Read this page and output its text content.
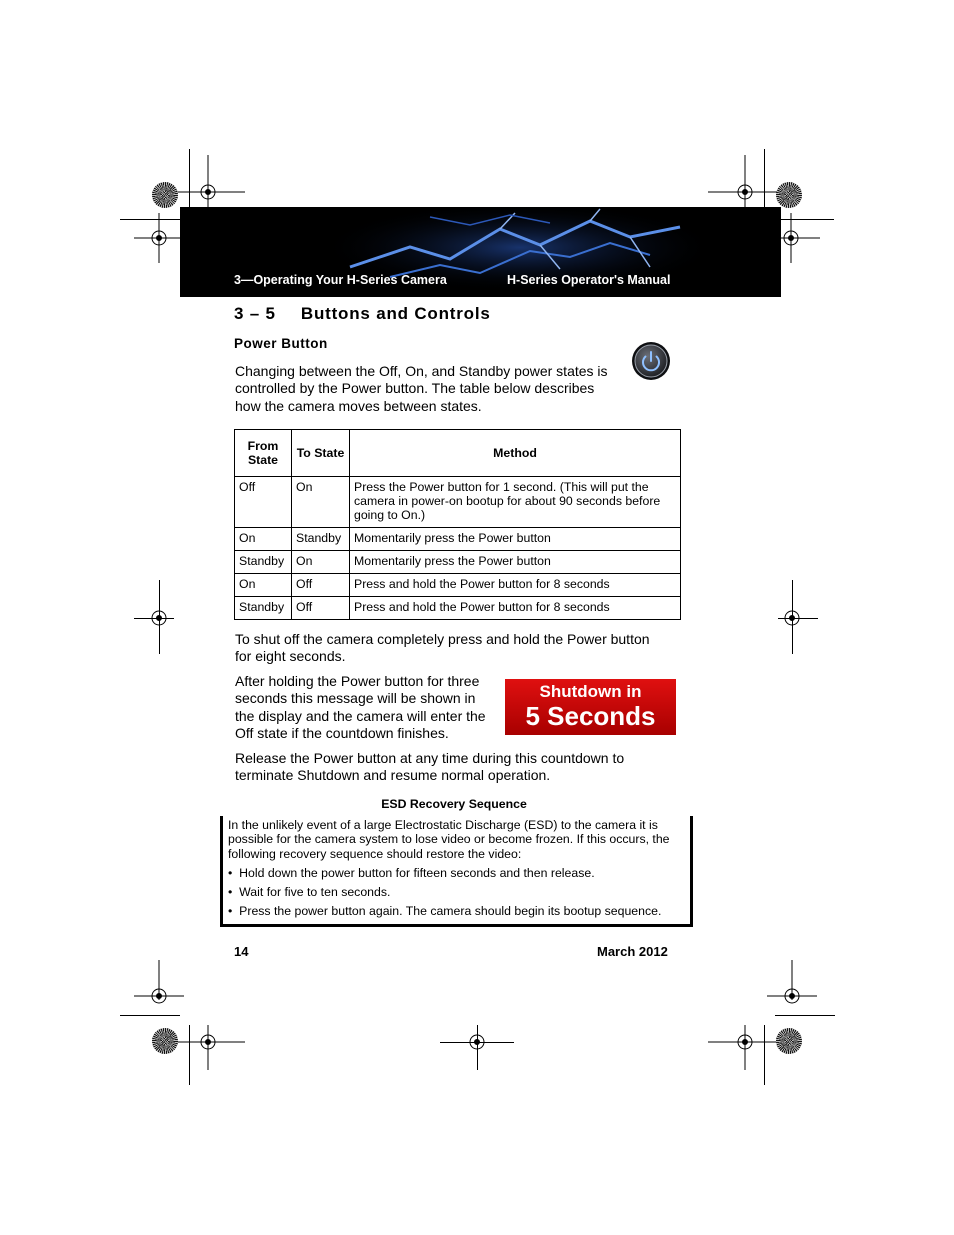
3—Operating Your H-Series Camera	H-Series Operator's Manual
3 – 5 Buttons and Controls
Power Button
Changing between the Off, On, and Standby power states is
controlled by the Power button. The table below describes
how the camera moves between states.
From State	To State	Method
Off	On	Press the Power button for 1 second. (This will put the camera in power-on bootup for about 90 seconds before going to On.)
On	Standby	Momentarily press the Power button
Standby	On	Momentarily press the Power button
On	Off	Press and hold the Power button for 8 seconds
Standby	Off	Press and hold the Power button for 8 seconds
To shut off the camera completely press and hold the Power button
for eight seconds.
After holding the Power button for three
seconds this message will be shown in
the display and the camera will enter the
Off state if the countdown finishes.
Shutdown in
5 Seconds
Release the Power button at any time during this countdown to
terminate Shutdown and resume normal operation.
ESD Recovery Sequence
In the unlikely event of a large Electrostatic Discharge (ESD) to the camera it is possible for the camera system to lose video or become frozen. If this occurs, the following recovery sequence should restore the video:
•  Hold down the power button for fifteen seconds and then release.
•  Wait for five to ten seconds.
•  Press the power button again. The camera should begin its bootup sequence.
14	March 2012
